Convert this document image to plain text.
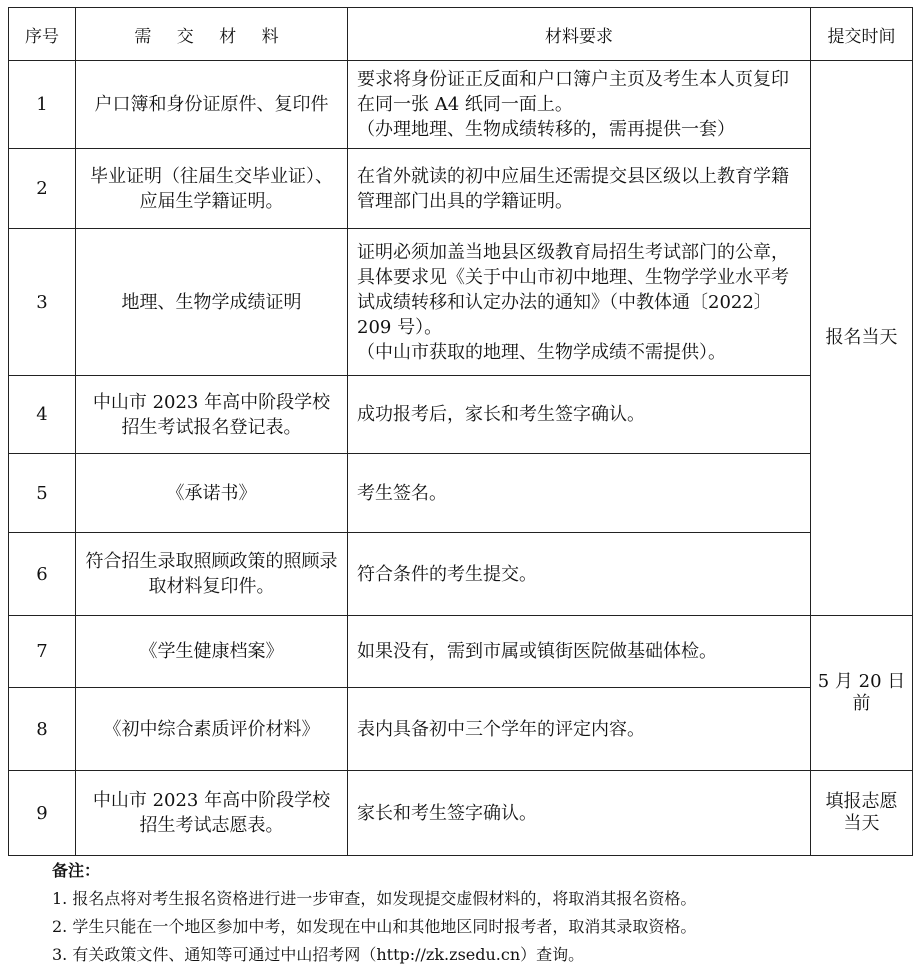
序号	需 交 材 料	材料要求	提交时间
1	户口簿和身份证原件、复印件	要求将身份证正反面和户口簿户主页及考生本人页复印在同一张 A4 纸同一面上。
（办理地理、生物成绩转移的，需再提供一套）	报名当天
2	毕业证明（往届生交毕业证）、应届生学籍证明。	在省外就读的初中应届生还需提交县区级以上教育学籍管理部门出具的学籍证明。	

3	地理、生物学成绩证明	证明必须加盖当地县区级教育局招生考试部门的公章，具体要求见《关于中山市初中地理、生物学学业水平考试成绩转移和认定办法的通知》（中教体通〔2022〕209 号）。
（中山市获取的地理、生物学成绩不需提供）。	

4	中山市 2023 年高中阶段学校招生考试报名登记表。	成功报考后，家长和考生签字确认。	

5	《承诺书》	考生签名。	

6	符合招生录取照顾政策的照顾录取材料复印件。	符合条件的考生提交。	

7	《学生健康档案》	如果没有，需到市属或镇街医院做基础体检。	5 月 20 日前
8	《初中综合素质评价材料》	表内具备初中三个学年的评定内容。	

9	中山市 2023 年高中阶段学校招生考试志愿表。	家长和考生签字确认。	填报志愿当天
备注：
1. 报名点将对考生报名资格进行进一步审查，如发现提交虚假材料的，将取消其报名资格。
2. 学生只能在一个地区参加中考，如发现在中山和其他地区同时报考者，取消其录取资格。
3. 有关政策文件、通知等可通过中山招考网（http://zk.zsedu.cn）查询。
